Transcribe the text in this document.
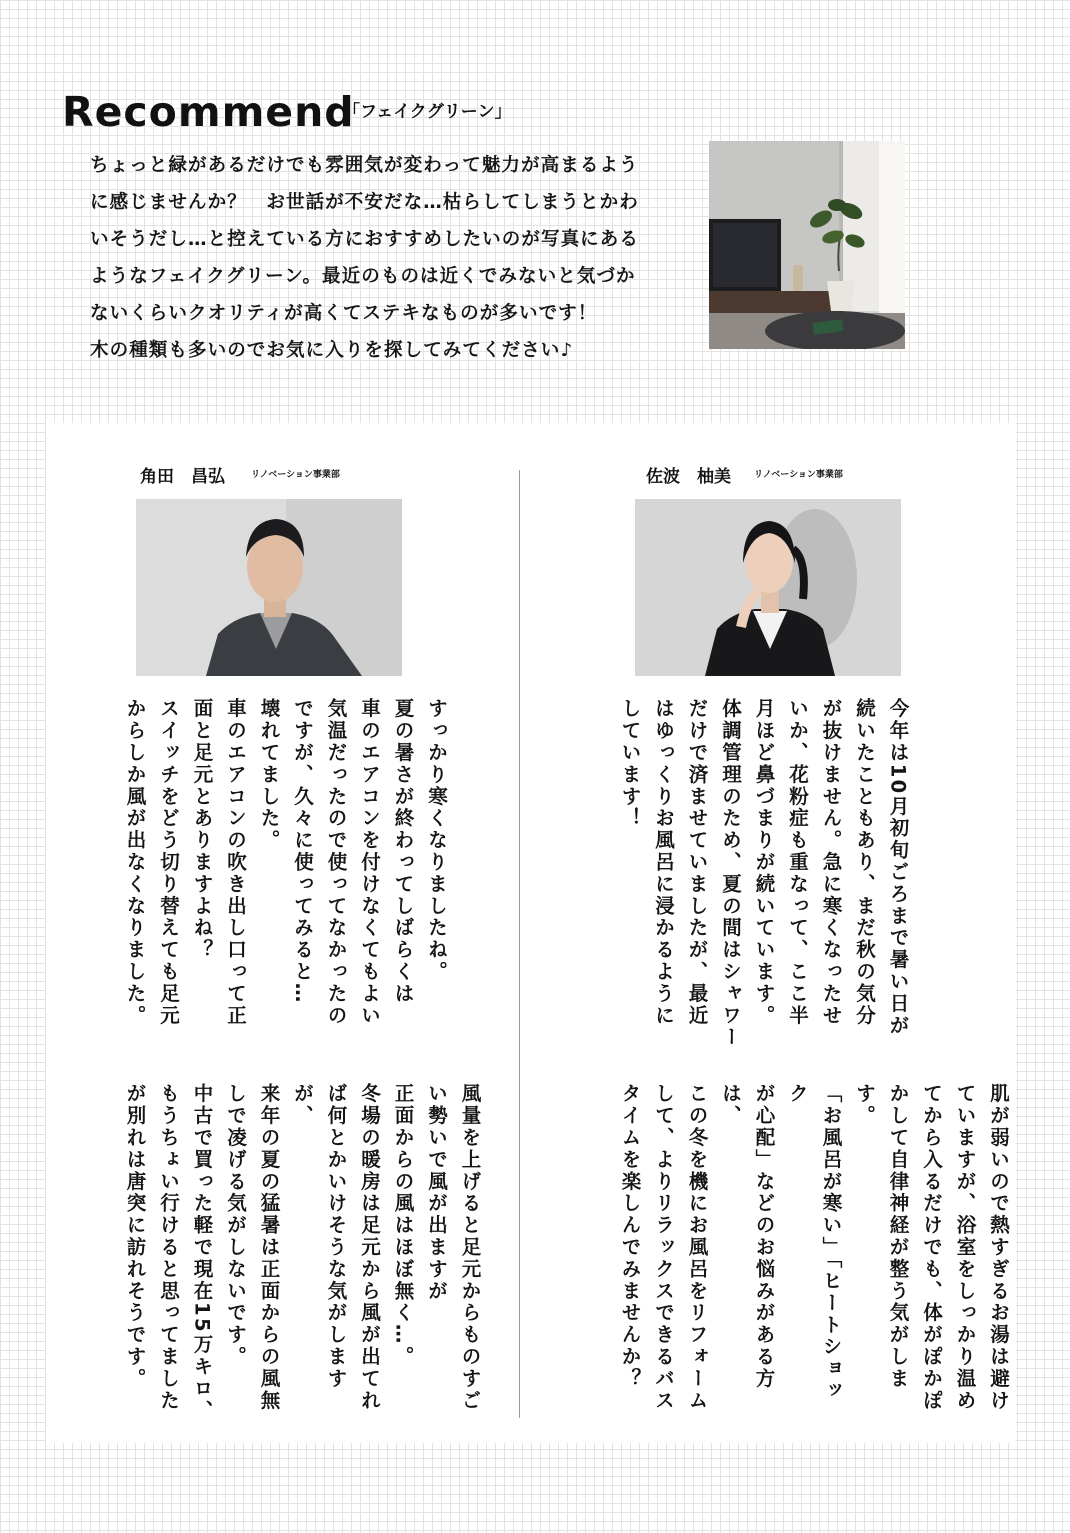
Recommend
「フェイクグリーン」

ちょっと緑があるだけでも雰囲気が変わって魅力が高まるよう
に感じませんか？　お世話が不安だな…枯らしてしまうとかわ
いそうだし…と控えている方におすすめしたいのが写真にある
ようなフェイクグリーン。最近のものは近くでみないと気づか
ないくらいクオリティが高くてステキなものが多いです！
木の種類も多いのでお気に入りを探してみてください♪

角田　昌弘	リノベーション事業部

すっかり寒くなりましたね。
夏の暑さが終わってしばらくは
車のエアコンを付けなくてもよい
気温だったので使ってなかったの
ですが、久々に使ってみると…
壊れてました。
車のエアコンの吹き出し口って正
面と足元とありますよね？
スイッチをどう切り替えても足元
からしか風が出なくなりました。

風量を上げると足元からものすご
い勢いで風が出ますが
正面からの風はほぼ無く…。
冬場の暖房は足元から風が出てれ
ば何とかいけそうな気がしますが、
来年の夏の猛暑は正面からの風無
しで凌げる気がしないです。
中古で買った軽で現在15万キロ、
もうちょい行けると思ってました
が別れは唐突に訪れそうです。

佐波　柚美	リノベーション事業部

今年は10月初旬ごろまで暑い日が
続いたこともあり、まだ秋の気分
が抜けません。急に寒くなったせ
いか、花粉症も重なって、ここ半
月ほど鼻づまりが続いています。
体調管理のため、夏の間はシャワー
だけで済ませていましたが、最近
はゆっくりお風呂に浸かるように
しています！

肌が弱いので熱すぎるお湯は避け
ていますが、浴室をしっかり温め
てから入るだけでも、体がぽかぽ
かして自律神経が整う気がします。
「お風呂が寒い」「ヒートショック
が心配」などのお悩みがある方は、
この冬を機にお風呂をリフォーム
して、よりリラックスできるバス
タイムを楽しんでみませんか？
